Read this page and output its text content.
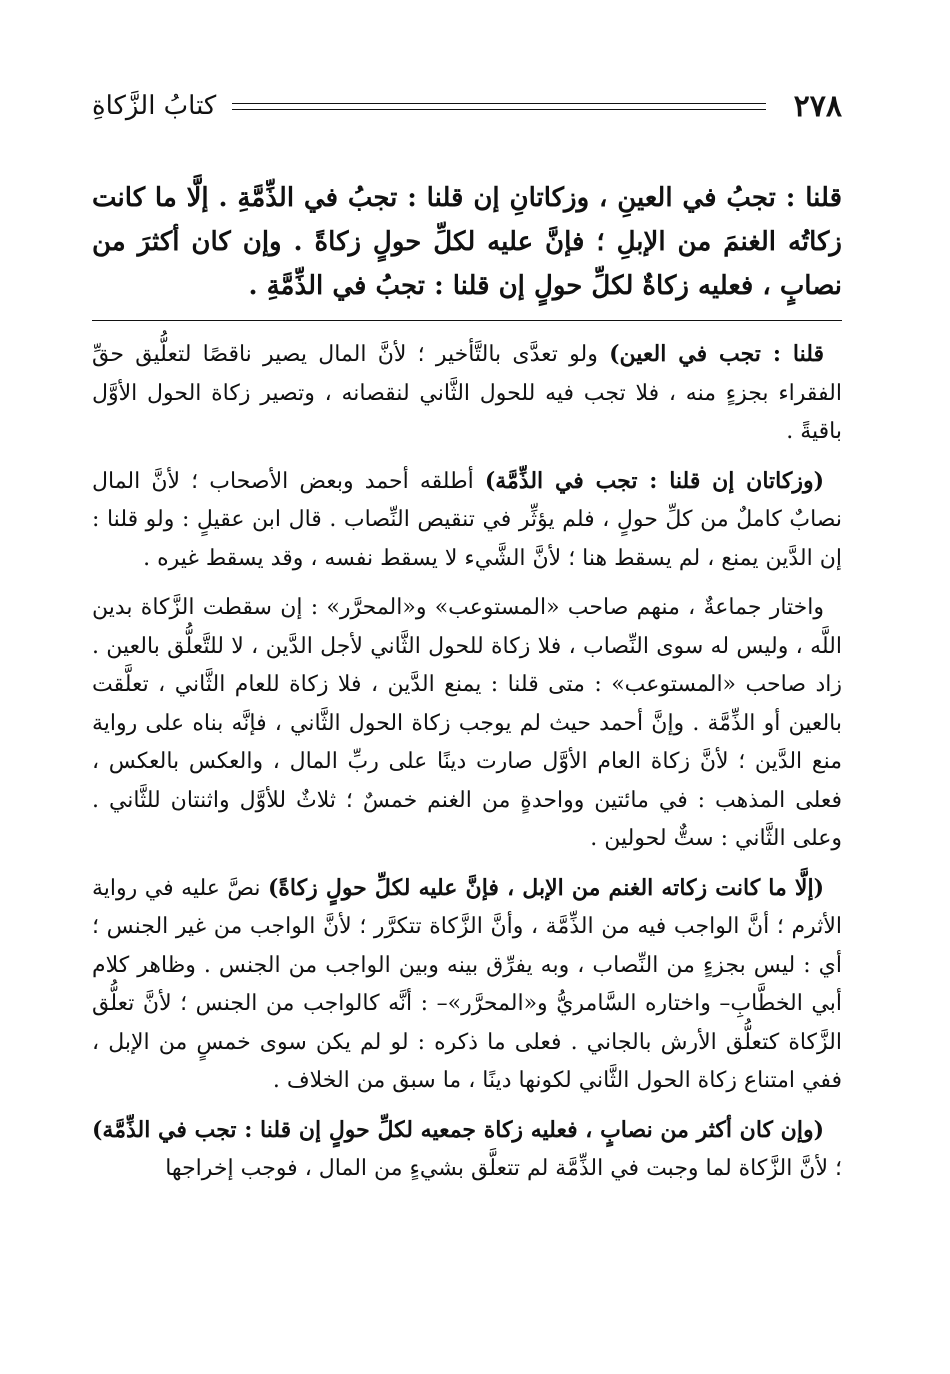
٢٧٨
كتابُ الزَّكاةِ

قلنا : تجبُ في العينِ ، وزكاتانِ إن قلنا : تجبُ في الذِّمَّةِ . إلَّا ما كانت زكاتُه الغنمَ من الإبلِ ؛ فإنَّ عليه لكلِّ حولٍ زكاةً . وإن كان أكثرَ من نصابٍ ، فعليه زكاةٌ لكلِّ حولٍ إن قلنا : تجبُ في الذِّمَّةِ .

قلنا : تجب في العين) ولو تعدَّى بالتَّأخير ؛ لأنَّ المال يصير ناقصًا لتعلُّيق حقِّ الفقراء بجزءٍ منه ، فلا تجب فيه للحول الثَّاني لنقصانه ، وتصير زكاة الحول الأوَّل باقيةً .

(وزكاتان إن قلنا : تجب في الذِّمَّة) أطلقه أحمد وبعض الأصحاب ؛ لأنَّ المال نصابٌ كاملٌ من كلِّ حولٍ ، فلم يؤثِّر في تنقيص النِّصاب . قال ابن عقيلٍ : ولو قلنا : إن الدَّين يمنع ، لم يسقط هنا ؛ لأنَّ الشَّيء لا يسقط نفسه ، وقد يسقط غيره .

واختار جماعةٌ ، منهم صاحب «المستوعب» و«المحرَّر» : إن سقطت الزَّكاة بدين اللَّه ، وليس له سوى النِّصاب ، فلا زكاة للحول الثَّاني لأجل الدَّين ، لا للتَّعلُّق بالعين . زاد صاحب «المستوعب» : متى قلنا : يمنع الدَّين ، فلا زكاة للعام الثَّاني ، تعلَّقت بالعين أو الذِّمَّة . وإنَّ أحمد حيث لم يوجب زكاة الحول الثَّاني ، فإنَّه بناه على رواية منع الدَّين ؛ لأنَّ زكاة العام الأوَّل صارت دينًا على ربِّ المال ، والعكس بالعكس ، فعلى المذهب : في مائتين وواحدةٍ من الغنم خمسٌ ؛ ثلاثٌ للأوَّل واثنتان للثَّاني . وعلى الثَّاني : ستٌّ لحولين .

(إلَّا ما كانت زكاته الغنم من الإبل ، فإنَّ عليه لكلِّ حولٍ زكاةً) نصَّ عليه في رواية الأثرم ؛ أنَّ الواجب فيه من الذِّمَّة ، وأنَّ الزَّكاة تتكرَّر ؛ لأنَّ الواجب من غير الجنس ؛ أي : ليس بجزءٍ من النِّصاب ، وبه يفرِّق بينه وبين الواجب من الجنس . وظاهر كلام أبي الخطَّابِ– واختاره السَّامريُّ و«المحرَّر»– : أنَّه كالواجب من الجنس ؛ لأنَّ تعلُّق الزَّكاة كتعلُّق الأرش بالجاني . فعلى ما ذكره : لو لم يكن سوى خمسٍ من الإبل ، ففي امتناع زكاة الحول الثَّاني لكونها دينًا ، ما سبق من الخلاف .

(وإن كان أكثر من نصابٍ ، فعليه زكاة جمعيه لكلِّ حولٍ إن قلنا : تجب في الذِّمَّة) ؛ لأنَّ الزَّكاة لما وجبت في الذِّمَّة لم تتعلَّق بشيءٍ من المال ، فوجب إخراجها
